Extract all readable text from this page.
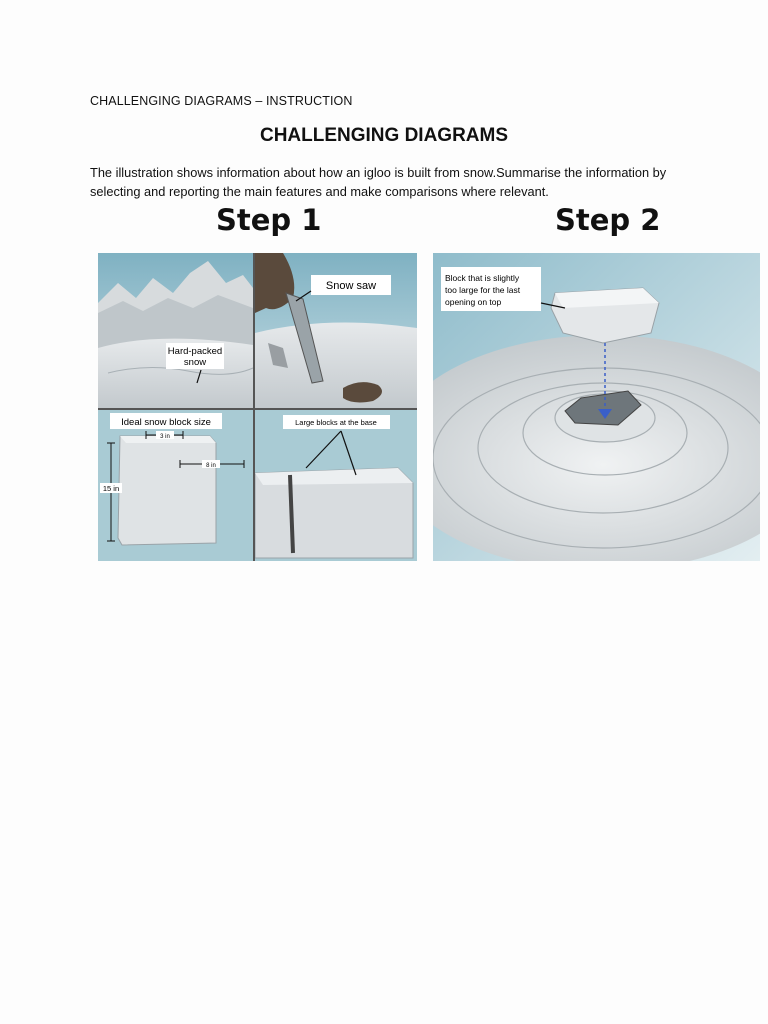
CHALLENGING DIAGRAMS – INSTRUCTION
CHALLENGING DIAGRAMS
The illustration shows information about how an igloo is built from snow.Summarise the information by
selecting and reporting the main features and make comparisons where relevant.
Step 1	Step 2
Hard-packed
snow
Snow saw
Ideal snow block size
3 in
8 in
15 in
Large blocks at the base
Block that is slightly
too large for the last
opening on top
